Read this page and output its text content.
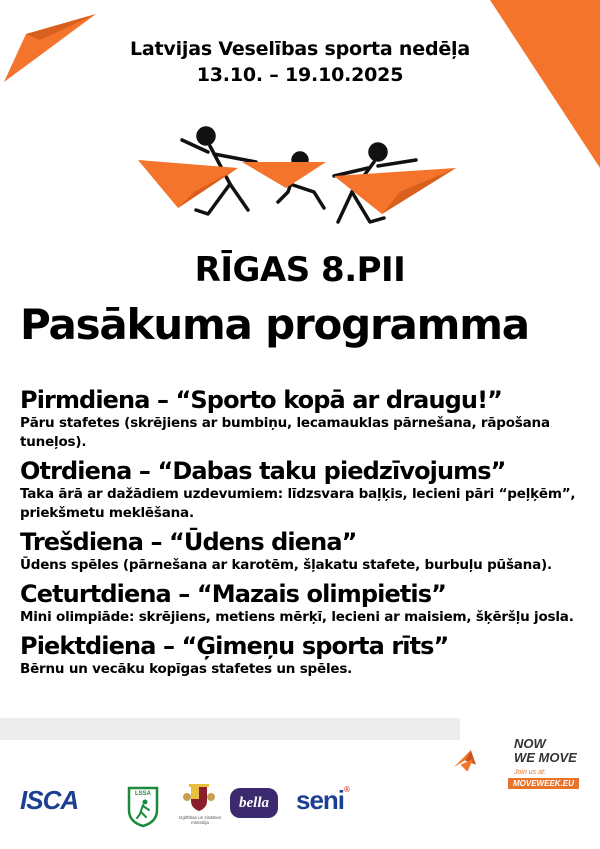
Latvijas Veselības sporta nedēļa
13.10. – 19.10.2025
RĪGAS 8.PII
Pasākuma programma
Pirmdiena – “Sporto kopā ar draugu!”
Pāru stafetes (skrējiens ar bumbiņu, lecamauklas pārnešana, rāpošana tuneļos).
Otrdiena – “Dabas taku piedzīvojums”
Taka ārā ar dažādiem uzdevumiem: līdzsvara baļķis, lecieni pāri “peļķēm”, priekšmetu meklēšana.
Trešdiena – “Ūdens diena”
Ūdens spēles (pārnešana ar karotēm, šļakatu stafete, burbuļu pūšana).
Ceturtdiena – “Mazais olimpietis”
Mini olimpiāde: skrējiens, metiens mērķī, lecieni ar maisiem, šķēršļu josla.
Piektdiena – “Ģimeņu sporta rīts”
Bērnu un vecāku kopīgas stafetes un spēles.
NOW
WE MOVE
Join us at:
MOVEWEEK.EU
ISCA	LSSA
Izglītības un zinātnes ministrija
bella	seni®
